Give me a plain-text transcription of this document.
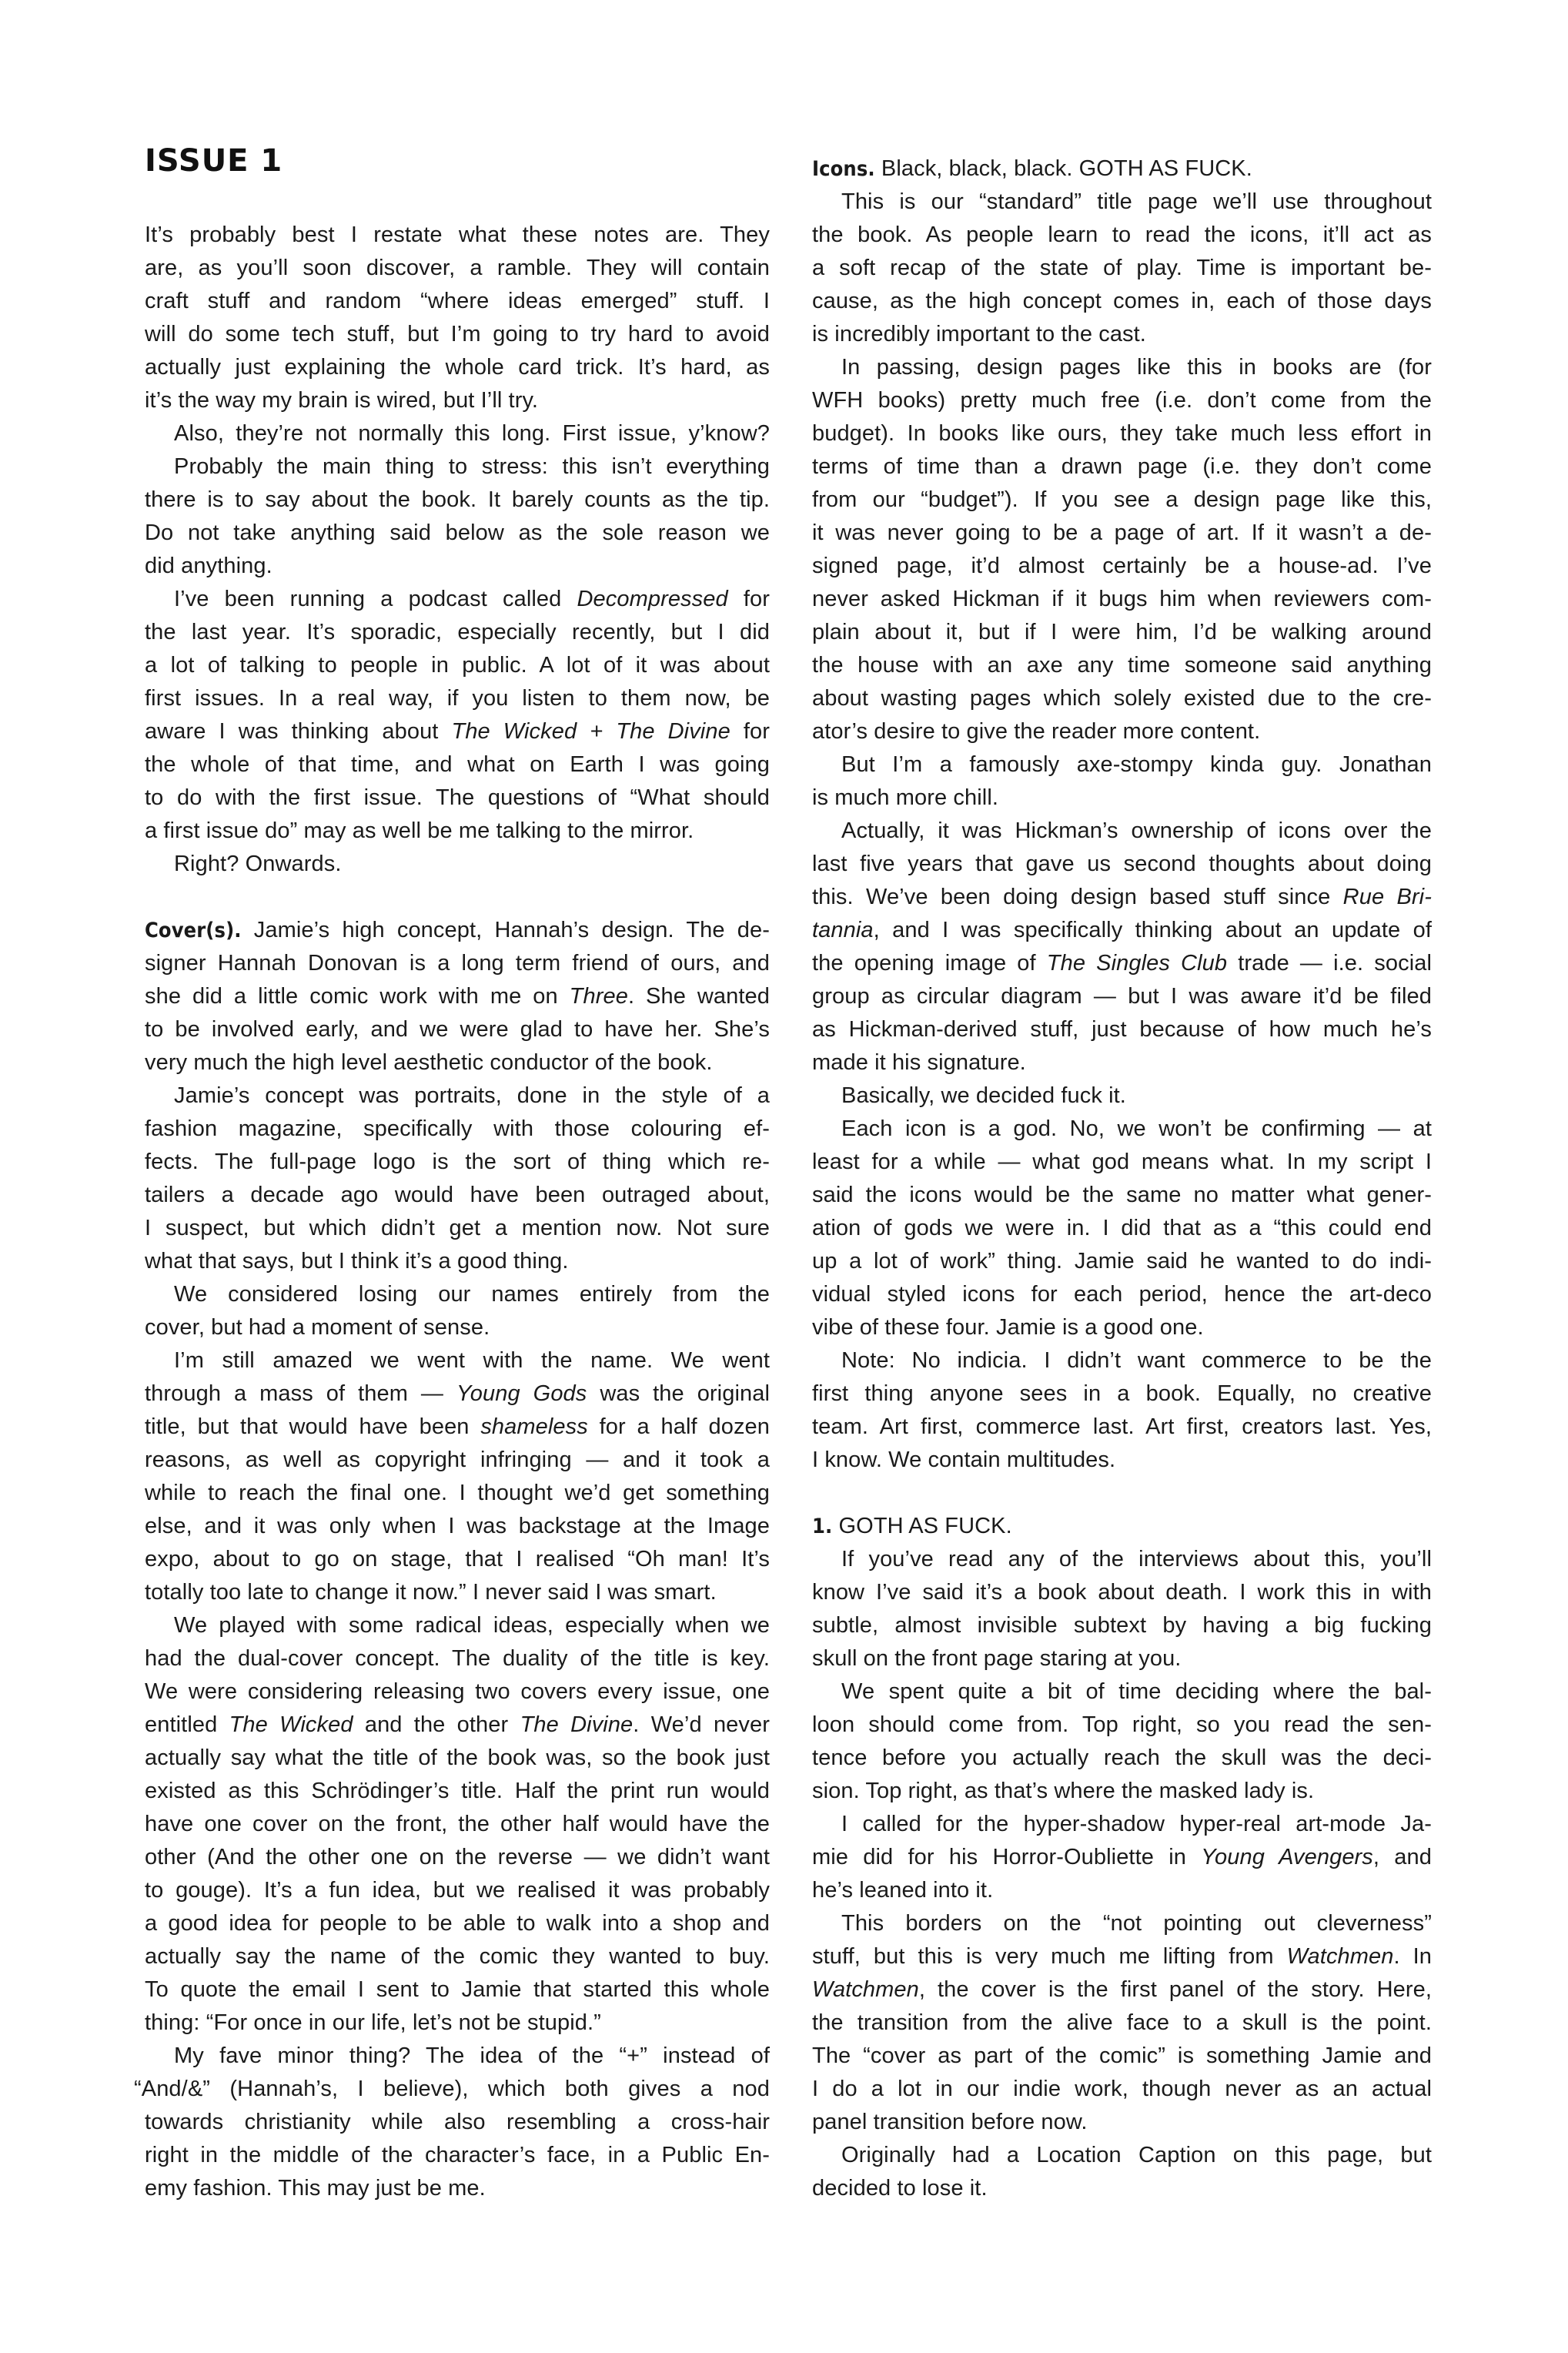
ISSUE 1
It’s probably best I restate what these notes are. They
are, as you’ll soon discover, a ramble. They will contain
craft stuff and random “where ideas emerged” stuff. I
will do some tech stuff, but I’m going to try hard to avoid
actually just explaining the whole card trick. It’s hard, as
it’s the way my brain is wired, but I’ll try.
Also, they’re not normally this long. First issue, y’know?
Probably the main thing to stress: this isn’t everything
there is to say about the book. It barely counts as the tip.
Do not take anything said below as the sole reason we
did anything.
I’ve been running a podcast called Decompressed for
the last year. It’s sporadic, especially recently, but I did
a lot of talking to people in public. A lot of it was about
first issues. In a real way, if you listen to them now, be
aware I was thinking about The Wicked + The Divine for
the whole of that time, and what on Earth I was going
to do with the first issue. The questions of “What should
a first issue do” may as well be me talking to the mirror.
Right? Onwards.
Cover(s). Jamie’s high concept, Hannah’s design. The de-
signer Hannah Donovan is a long term friend of ours, and
she did a little comic work with me on Three. She wanted
to be involved early, and we were glad to have her. She’s
very much the high level aesthetic conductor of the book.
Jamie’s concept was portraits, done in the style of a
fashion magazine, specifically with those colouring ef-
fects. The full-page logo is the sort of thing which re-
tailers a decade ago would have been outraged about,
I suspect, but which didn’t get a mention now. Not sure
what that says, but I think it’s a good thing.
We considered losing our names entirely from the
cover, but had a moment of sense.
I’m still amazed we went with the name. We went
through a mass of them — Young Gods was the original
title, but that would have been shameless for a half dozen
reasons, as well as copyright infringing — and it took a
while to reach the final one. I thought we’d get something
else, and it was only when I was backstage at the Image
expo, about to go on stage, that I realised “Oh man! It’s
totally too late to change it now.” I never said I was smart.
We played with some radical ideas, especially when we
had the dual-cover concept. The duality of the title is key.
We were considering releasing two covers every issue, one
entitled The Wicked and the other The Divine. We’d never
actually say what the title of the book was, so the book just
existed as this Schrödinger’s title. Half the print run would
have one cover on the front, the other half would have the
other (And the other one on the reverse — we didn’t want
to gouge). It’s a fun idea, but we realised it was probably
a good idea for people to be able to walk into a shop and
actually say the name of the comic they wanted to buy.
To quote the email I sent to Jamie that started this whole
thing: “For once in our life, let’s not be stupid.”
My fave minor thing? The idea of the “+” instead of
“And/&” (Hannah’s, I believe), which both gives a nod
towards christianity while also resembling a cross-hair
right in the middle of the character’s face, in a Public En-
emy fashion. This may just be me.
Icons. Black, black, black. GOTH AS FUCK.
This is our “standard” title page we’ll use throughout
the book. As people learn to read the icons, it’ll act as
a soft recap of the state of play. Time is important be-
cause, as the high concept comes in, each of those days
is incredibly important to the cast.
In passing, design pages like this in books are (for
WFH books) pretty much free (i.e. don’t come from the
budget). In books like ours, they take much less effort in
terms of time than a drawn page (i.e. they don’t come
from our “budget”). If you see a design page like this,
it was never going to be a page of art. If it wasn’t a de-
signed page, it’d almost certainly be a house-ad. I’ve
never asked Hickman if it bugs him when reviewers com-
plain about it, but if I were him, I’d be walking around
the house with an axe any time someone said anything
about wasting pages which solely existed due to the cre-
ator’s desire to give the reader more content.
But I’m a famously axe-stompy kinda guy. Jonathan
is much more chill.
Actually, it was Hickman’s ownership of icons over the
last five years that gave us second thoughts about doing
this. We’ve been doing design based stuff since Rue Bri-
tannia, and I was specifically thinking about an update of
the opening image of The Singles Club trade — i.e. social
group as circular diagram — but I was aware it’d be filed
as Hickman-derived stuff, just because of how much he’s
made it his signature.
Basically, we decided fuck it.
Each icon is a god. No, we won’t be confirming — at
least for a while — what god means what. In my script I
said the icons would be the same no matter what gener-
ation of gods we were in. I did that as a “this could end
up a lot of work” thing. Jamie said he wanted to do indi-
vidual styled icons for each period, hence the art-deco
vibe of these four. Jamie is a good one.
Note: No indicia. I didn’t want commerce to be the
first thing anyone sees in a book. Equally, no creative
team. Art first, commerce last. Art first, creators last. Yes,
I know. We contain multitudes.
1. GOTH AS FUCK.
If you’ve read any of the interviews about this, you’ll
know I’ve said it’s a book about death. I work this in with
subtle, almost invisible subtext by having a big fucking
skull on the front page staring at you.
We spent quite a bit of time deciding where the bal-
loon should come from. Top right, so you read the sen-
tence before you actually reach the skull was the deci-
sion. Top right, as that’s where the masked lady is.
I called for the hyper-shadow hyper-real art-mode Ja-
mie did for his Horror-Oubliette in Young Avengers, and
he’s leaned into it.
This borders on the “not pointing out cleverness”
stuff, but this is very much me lifting from Watchmen. In
Watchmen, the cover is the first panel of the story. Here,
the transition from the alive face to a skull is the point.
The “cover as part of the comic” is something Jamie and
I do a lot in our indie work, though never as an actual
panel transition before now.
Originally had a Location Caption on this page, but
decided to lose it.
